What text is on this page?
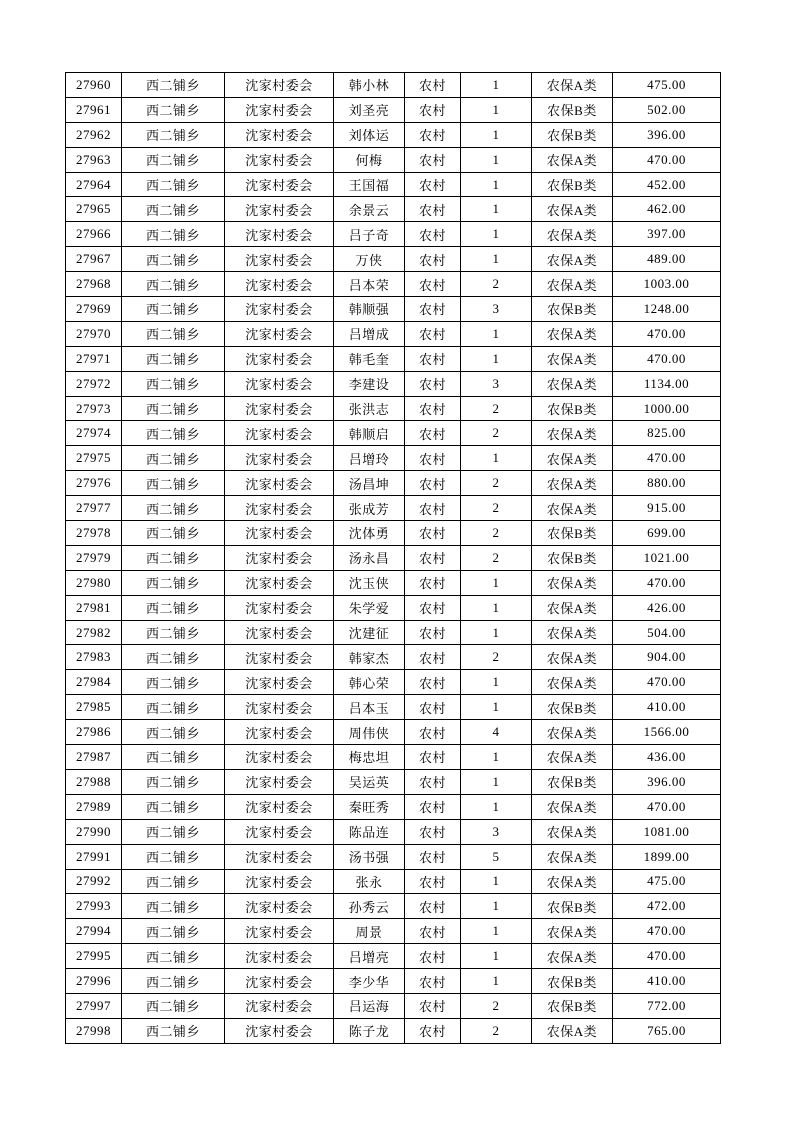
27960	西二铺乡	沈家村委会	韩小林	农村	1	农保A类	475.00
27961	西二铺乡	沈家村委会	刘圣亮	农村	1	农保B类	502.00
27962	西二铺乡	沈家村委会	刘体运	农村	1	农保B类	396.00
27963	西二铺乡	沈家村委会	何梅	农村	1	农保A类	470.00
27964	西二铺乡	沈家村委会	王国福	农村	1	农保B类	452.00
27965	西二铺乡	沈家村委会	余景云	农村	1	农保A类	462.00
27966	西二铺乡	沈家村委会	吕子奇	农村	1	农保A类	397.00
27967	西二铺乡	沈家村委会	万侠	农村	1	农保A类	489.00
27968	西二铺乡	沈家村委会	吕本荣	农村	2	农保A类	1003.00
27969	西二铺乡	沈家村委会	韩顺强	农村	3	农保B类	1248.00
27970	西二铺乡	沈家村委会	吕增成	农村	1	农保A类	470.00
27971	西二铺乡	沈家村委会	韩毛奎	农村	1	农保A类	470.00
27972	西二铺乡	沈家村委会	李建设	农村	3	农保A类	1134.00
27973	西二铺乡	沈家村委会	张洪志	农村	2	农保B类	1000.00
27974	西二铺乡	沈家村委会	韩顺启	农村	2	农保A类	825.00
27975	西二铺乡	沈家村委会	吕增玲	农村	1	农保A类	470.00
27976	西二铺乡	沈家村委会	汤昌坤	农村	2	农保A类	880.00
27977	西二铺乡	沈家村委会	张成芳	农村	2	农保A类	915.00
27978	西二铺乡	沈家村委会	沈体勇	农村	2	农保B类	699.00
27979	西二铺乡	沈家村委会	汤永昌	农村	2	农保B类	1021.00
27980	西二铺乡	沈家村委会	沈玉侠	农村	1	农保A类	470.00
27981	西二铺乡	沈家村委会	朱学爱	农村	1	农保A类	426.00
27982	西二铺乡	沈家村委会	沈建征	农村	1	农保A类	504.00
27983	西二铺乡	沈家村委会	韩家杰	农村	2	农保A类	904.00
27984	西二铺乡	沈家村委会	韩心荣	农村	1	农保A类	470.00
27985	西二铺乡	沈家村委会	吕本玉	农村	1	农保B类	410.00
27986	西二铺乡	沈家村委会	周伟侠	农村	4	农保A类	1566.00
27987	西二铺乡	沈家村委会	梅忠坦	农村	1	农保A类	436.00
27988	西二铺乡	沈家村委会	吴运英	农村	1	农保B类	396.00
27989	西二铺乡	沈家村委会	秦旺秀	农村	1	农保A类	470.00
27990	西二铺乡	沈家村委会	陈品连	农村	3	农保A类	1081.00
27991	西二铺乡	沈家村委会	汤书强	农村	5	农保A类	1899.00
27992	西二铺乡	沈家村委会	张永	农村	1	农保A类	475.00
27993	西二铺乡	沈家村委会	孙秀云	农村	1	农保B类	472.00
27994	西二铺乡	沈家村委会	周景	农村	1	农保A类	470.00
27995	西二铺乡	沈家村委会	吕增亮	农村	1	农保A类	470.00
27996	西二铺乡	沈家村委会	李少华	农村	1	农保B类	410.00
27997	西二铺乡	沈家村委会	吕运海	农村	2	农保B类	772.00
27998	西二铺乡	沈家村委会	陈子龙	农村	2	农保A类	765.00
